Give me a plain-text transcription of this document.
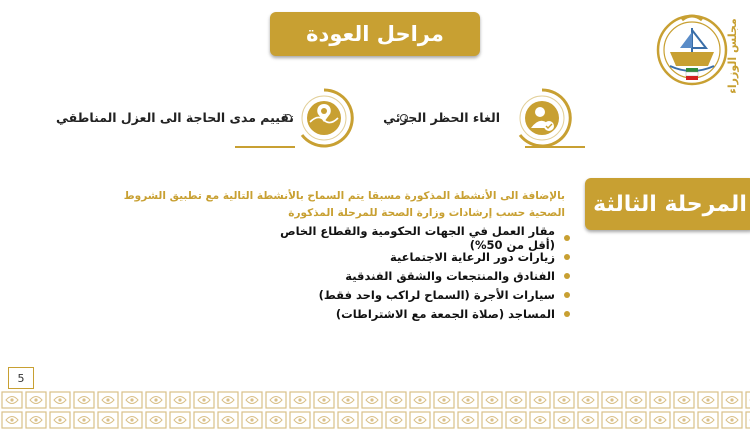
مراحل العودة	مجلس الوزراء
الغاء الحظر الجزئي
تقييم مدى الحاجة الى العزل المناطقي
المرحلة الثالثة
بالإضافة الى الأنشطة المذكورة مسبقا يتم السماح بالأنشطة التالية مع تطبيق الشروط الصحية حسب إرشادات وزارة الصحة للمرحلة المذكورة
مقار العمل في الجهات الحكومية والقطاع الخاص (أقل من 50%)
زيارات دور الرعاية الاجتماعية
الفنادق والمنتجعات والشقق الفندقية
سيارات الأجرة (السماح لراكب واحد فقط)
المساجد (صلاة الجمعة مع الاشتراطات)
5
